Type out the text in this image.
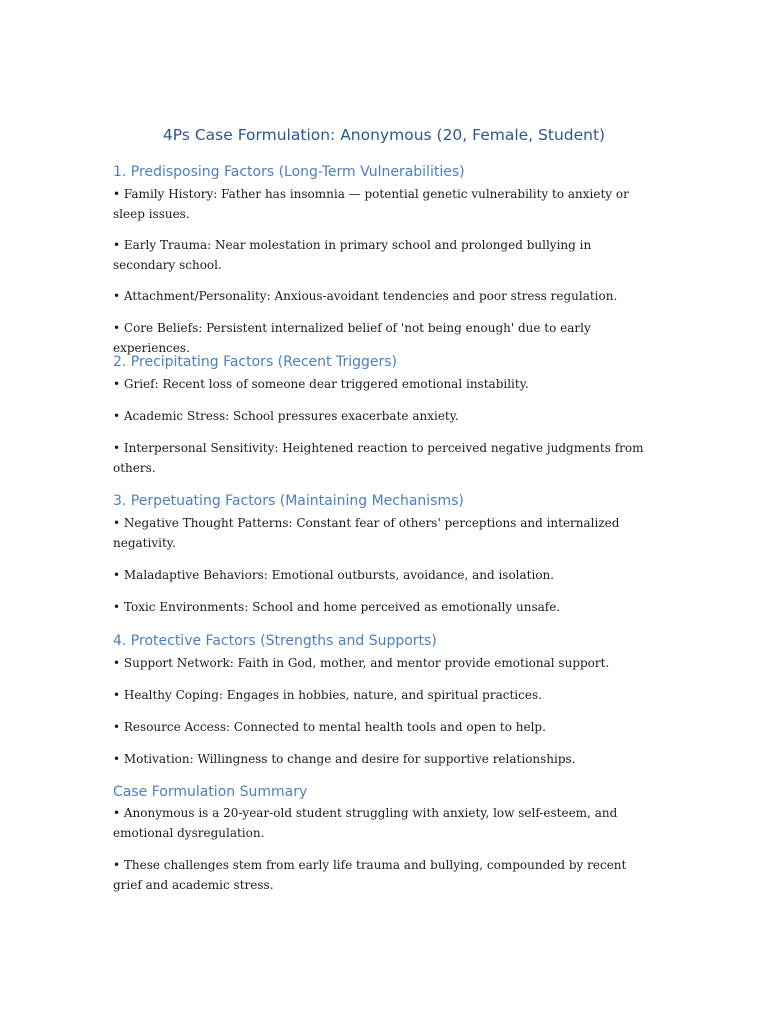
4Ps Case Formulation: Anonymous (20, Female, Student)
1. Predisposing Factors (Long-Term Vulnerabilities)
• Family History: Father has insomnia — potential genetic vulnerability to anxiety or sleep issues.
• Early Trauma: Near molestation in primary school and prolonged bullying in secondary school.
• Attachment/Personality: Anxious-avoidant tendencies and poor stress regulation.
• Core Beliefs: Persistent internalized belief of 'not being enough' due to early experiences.
2. Precipitating Factors (Recent Triggers)
• Grief: Recent loss of someone dear triggered emotional instability.
• Academic Stress: School pressures exacerbate anxiety.
• Interpersonal Sensitivity: Heightened reaction to perceived negative judgments from others.
3. Perpetuating Factors (Maintaining Mechanisms)
• Negative Thought Patterns: Constant fear of others' perceptions and internalized negativity.
• Maladaptive Behaviors: Emotional outbursts, avoidance, and isolation.
• Toxic Environments: School and home perceived as emotionally unsafe.
4. Protective Factors (Strengths and Supports)
• Support Network: Faith in God, mother, and mentor provide emotional support.
• Healthy Coping: Engages in hobbies, nature, and spiritual practices.
• Resource Access: Connected to mental health tools and open to help.
• Motivation: Willingness to change and desire for supportive relationships.
Case Formulation Summary
• Anonymous is a 20-year-old student struggling with anxiety, low self-esteem, and emotional dysregulation.
• These challenges stem from early life trauma and bullying, compounded by recent grief and academic stress.
